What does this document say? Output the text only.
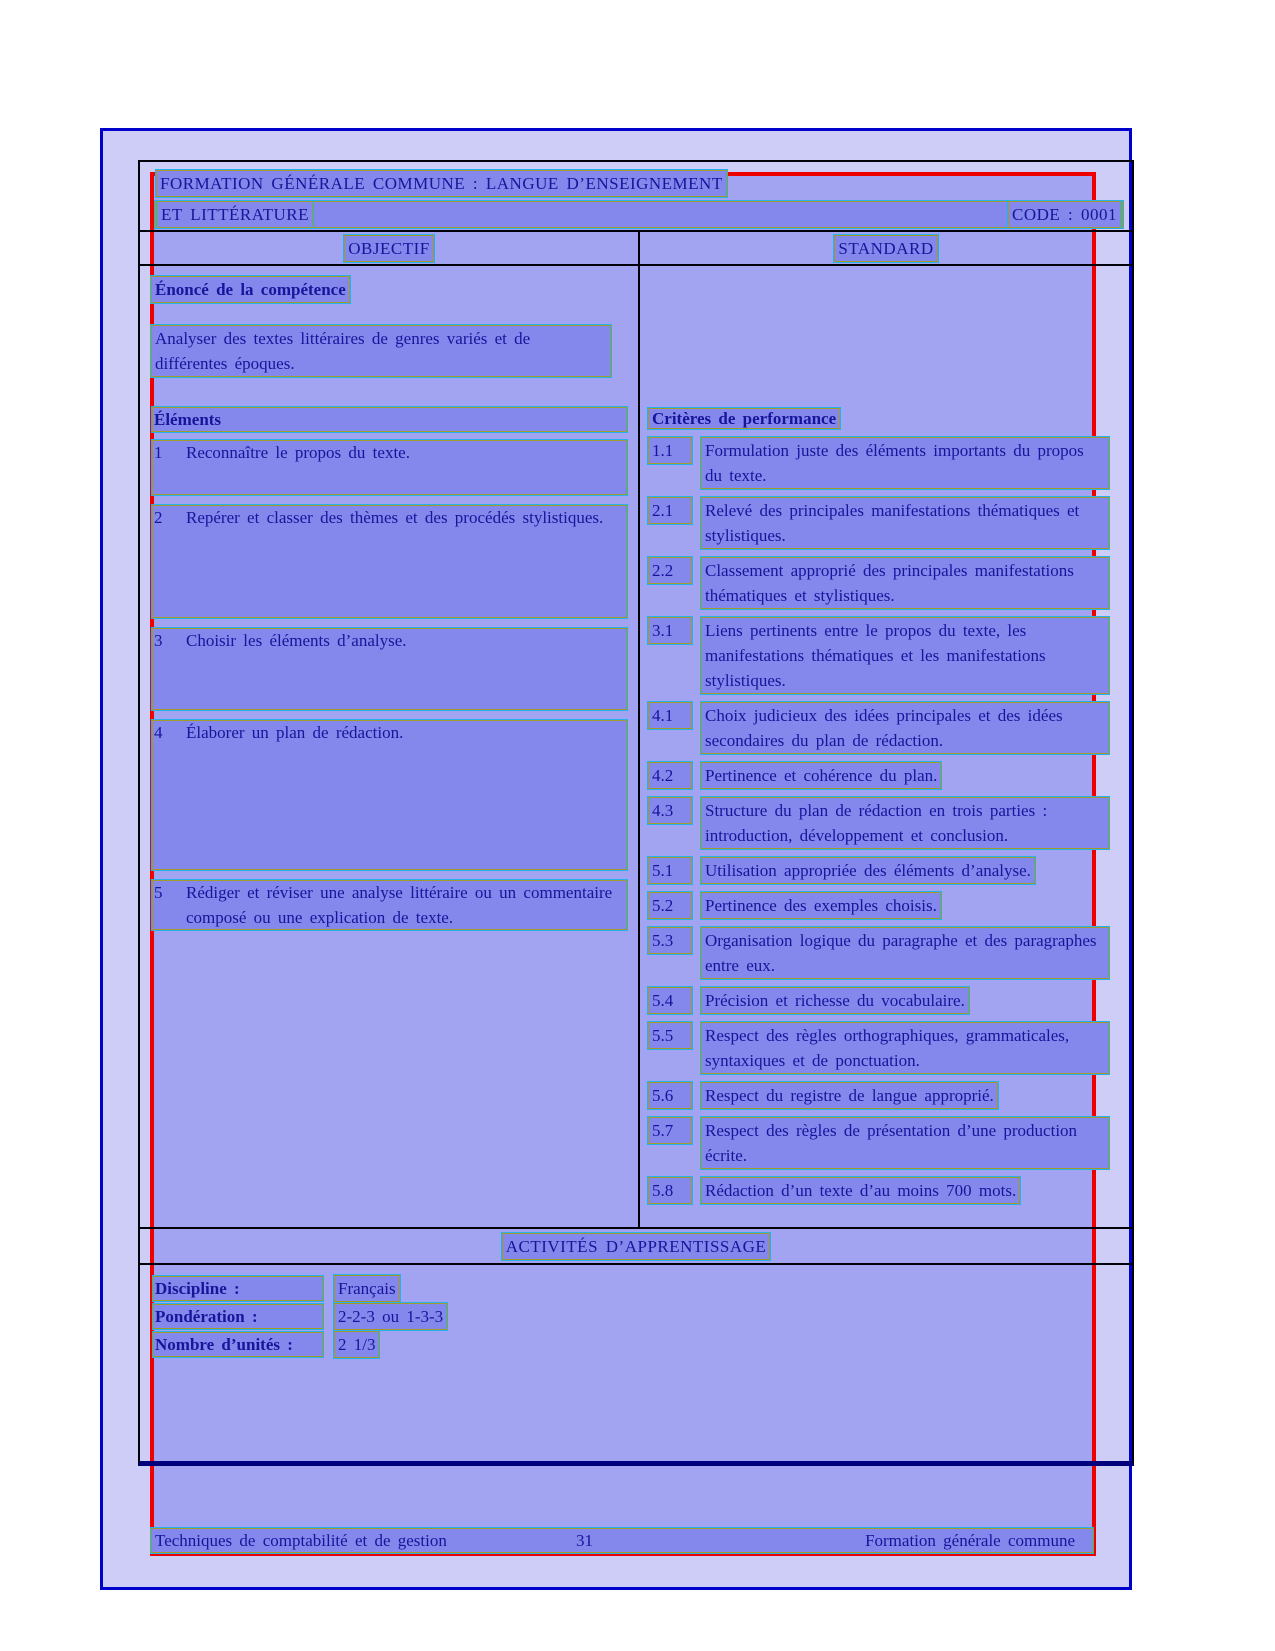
FORMATION GÉNÉRALE COMMUNE : LANGUE D’ENSEIGNEMENT
ET LITTÉRATURE	CODE : 0001
OBJECTIF	STANDARD
Énoncé de la compétence
Analyser des textes littéraires de genres variés et de différentes époques.
Éléments
1	Reconnaître le propos du texte.
2	Repérer et classer des thèmes et des procédés stylistiques.
3	Choisir les éléments d’analyse.
4	Élaborer un plan de rédaction.
5	Rédiger et réviser une analyse littéraire ou un commentaire composé ou une explication de texte.
Critères de performance
1.1	Formulation juste des éléments importants du propos du texte.
2.1	Relevé des principales manifestations thématiques et stylistiques.
2.2	Classement approprié des principales manifestations thématiques et stylistiques.
3.1	Liens pertinents entre le propos du texte, les manifestations thématiques et les manifestations stylistiques.
4.1	Choix judicieux des idées principales et des idées secondaires du plan de rédaction.
4.2	Pertinence et cohérence du plan.
4.3	Structure du plan de rédaction en trois parties : introduction, développement et conclusion.
5.1	Utilisation appropriée des éléments d’analyse.
5.2	Pertinence des exemples choisis.
5.3	Organisation logique du paragraphe et des paragraphes entre eux.
5.4	Précision et richesse du vocabulaire.
5.5	Respect des règles orthographiques, grammaticales, syntaxiques et de ponctuation.
5.6	Respect du registre de langue approprié.
5.7	Respect des règles de présentation d’une production écrite.
5.8	Rédaction d’un texte d’au moins 700 mots.
ACTIVITÉS D’APPRENTISSAGE
Discipline :	Français
Pondération :	2-2-3 ou 1-3-3
Nombre d’unités :	2 1/3
Techniques de comptabilité et de gestion	31	Formation générale commune
